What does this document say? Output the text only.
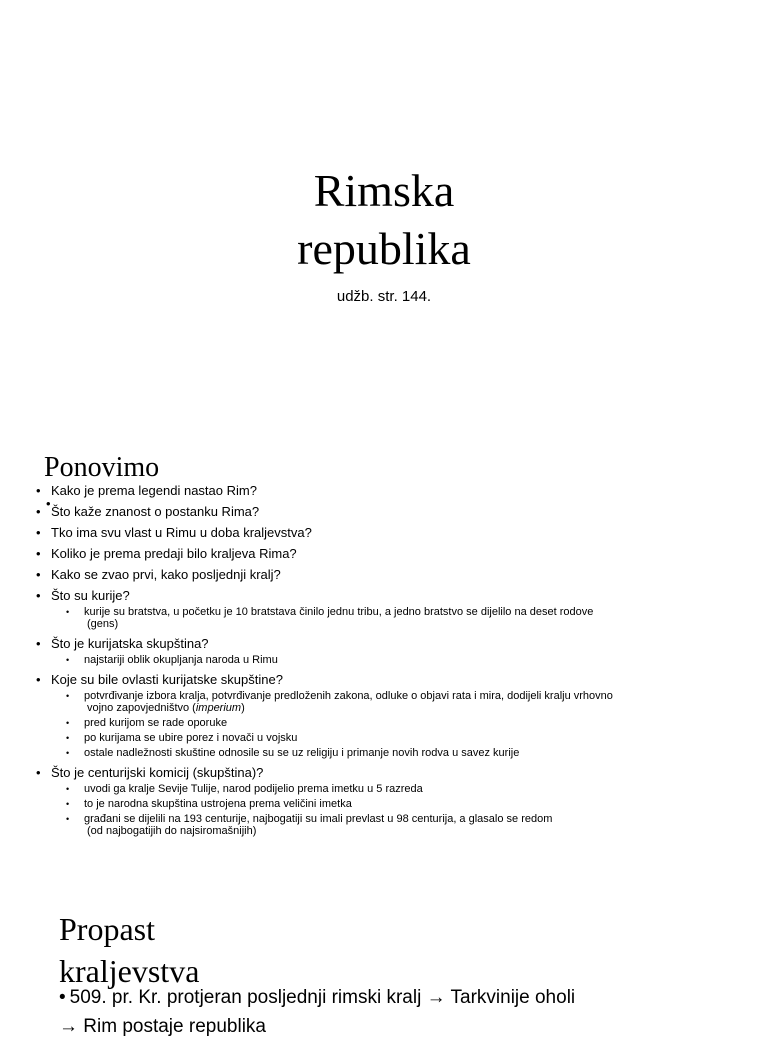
Rimska
republika
udžb. str. 144.
Ponovimo
•
• Kako je prema legendi nastao Rim?
• Što kaže znanost o postanku Rima?
• Tko ima svu vlast u Rimu u doba kraljevstva?
• Koliko je prema predaji bilo kraljeva Rima?
• Kako se zvao prvi, kako posljednji kralj?
• Što su kurije?
• kurije su bratstva, u početku je 10 bratstava činilo jednu tribu, a jedno bratstvo se dijelilo na deset rodove
(gens)
• Što je kurijatska skupština?
• najstariji oblik okupljanja naroda u Rimu
• Koje su bile ovlasti kurijatske skupštine?
• potvrđivanje izbora kralja, potvrđivanje predloženih zakona, odluke o objavi rata i mira, dodijeli kralju vrhovno
vojno zapovjedništvo (imperium)
• pred kurijom se rade oporuke
• po kurijama se ubire porez i novači u vojsku
• ostale nadležnosti skuštine odnosile su se uz religiju i primanje novih rodva u savez kurije
• Što je centurijski komicij (skupština)?
• uvodi ga kralje Sevije Tulije, narod podijelio prema imetku u 5 razreda
• to je narodna skupština ustrojena prema veličini imetka
• građani se dijelili na 193 centurije, najbogatiji su imali prevlast u 98 centurija, a glasalo se redom
(od najbogatijih do najsiromašnijih)
Propast
kraljevstva
• 509. pr. Kr. protjeran posljednji rimski kralj → Tarkvinije oholi
→ Rim postaje republika
